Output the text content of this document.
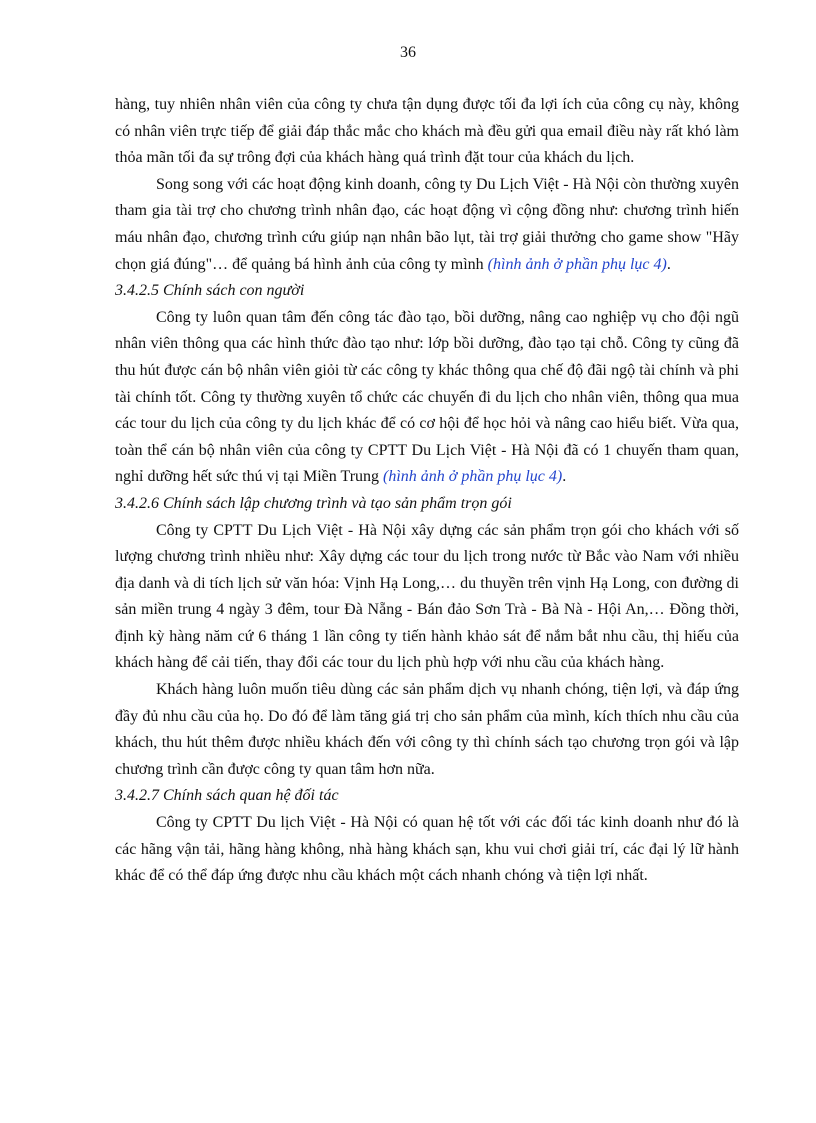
36

hàng, tuy nhiên nhân viên của công ty chưa tận dụng được tối đa lợi ích của công cụ này, không có nhân viên trực tiếp để giải đáp thắc mắc cho khách mà đều gửi qua email điều này rất khó làm thỏa mãn tối đa sự trông đợi của khách hàng quá trình đặt tour của khách du lịch.

Song song với các hoạt động kinh doanh, công ty Du Lịch Việt - Hà Nội còn thường xuyên tham gia tài trợ cho chương trình nhân đạo, các hoạt động vì cộng đồng như: chương trình hiến máu nhân đạo, chương trình cứu giúp nạn nhân bão lụt, tài trợ giải thưởng cho game show "Hãy chọn giá đúng"… để quảng bá hình ảnh của công ty mình (hình ảnh ở phần phụ lục 4).

3.4.2.5 Chính sách con người

Công ty luôn quan tâm đến công tác đào tạo, bồi dưỡng, nâng cao nghiệp vụ cho đội ngũ nhân viên thông qua các hình thức đào tạo như: lớp bồi dưỡng, đào tạo tại chỗ. Công ty cũng đã thu hút được cán bộ nhân viên giỏi từ các công ty khác thông qua chế độ đãi ngộ tài chính và phi tài chính tốt. Công ty thường xuyên tổ chức các chuyến đi du lịch cho nhân viên, thông qua mua các tour du lịch của công ty du lịch khác để có cơ hội để học hỏi và nâng cao hiểu biết. Vừa qua, toàn thể cán bộ nhân viên của công ty CPTT Du Lịch Việt - Hà Nội đã có 1 chuyến tham quan, nghỉ dưỡng hết sức thú vị tại Miền Trung (hình ảnh ở phần phụ lục 4).

3.4.2.6 Chính sách lập chương trình và tạo sản phẩm trọn gói

Công ty CPTT Du Lịch Việt - Hà Nội xây dựng các sản phẩm trọn gói cho khách với số lượng chương trình nhiều như: Xây dựng các tour du lịch trong nước từ Bắc vào Nam với nhiều địa danh và di tích lịch sử văn hóa: Vịnh Hạ Long,… du thuyền trên vịnh Hạ Long, con đường di sản miền trung 4 ngày 3 đêm, tour Đà Nẵng - Bán đảo Sơn Trà - Bà Nà - Hội An,… Đồng thời, định kỳ hàng năm cứ 6 tháng 1 lần công ty tiến hành khảo sát để nắm bắt nhu cầu, thị hiếu của khách hàng để cải tiến, thay đổi các tour du lịch phù hợp với nhu cầu của khách hàng.

Khách hàng luôn muốn tiêu dùng các sản phẩm dịch vụ nhanh chóng, tiện lợi, và đáp ứng đầy đủ nhu cầu của họ. Do đó để làm tăng giá trị cho sản phẩm của mình, kích thích nhu cầu của khách, thu hút thêm được nhiều khách đến với công ty thì chính sách tạo chương trọn gói và lập chương trình cần được công ty quan tâm hơn nữa.

3.4.2.7 Chính sách quan hệ đối tác

Công ty CPTT Du lịch Việt - Hà Nội có quan hệ tốt với các đối tác kinh doanh như đó là các hãng vận tải, hãng hàng không, nhà hàng khách sạn, khu vui chơi giải trí, các đại lý lữ hành khác để có thể đáp ứng được nhu cầu khách một cách nhanh chóng và tiện lợi nhất.
